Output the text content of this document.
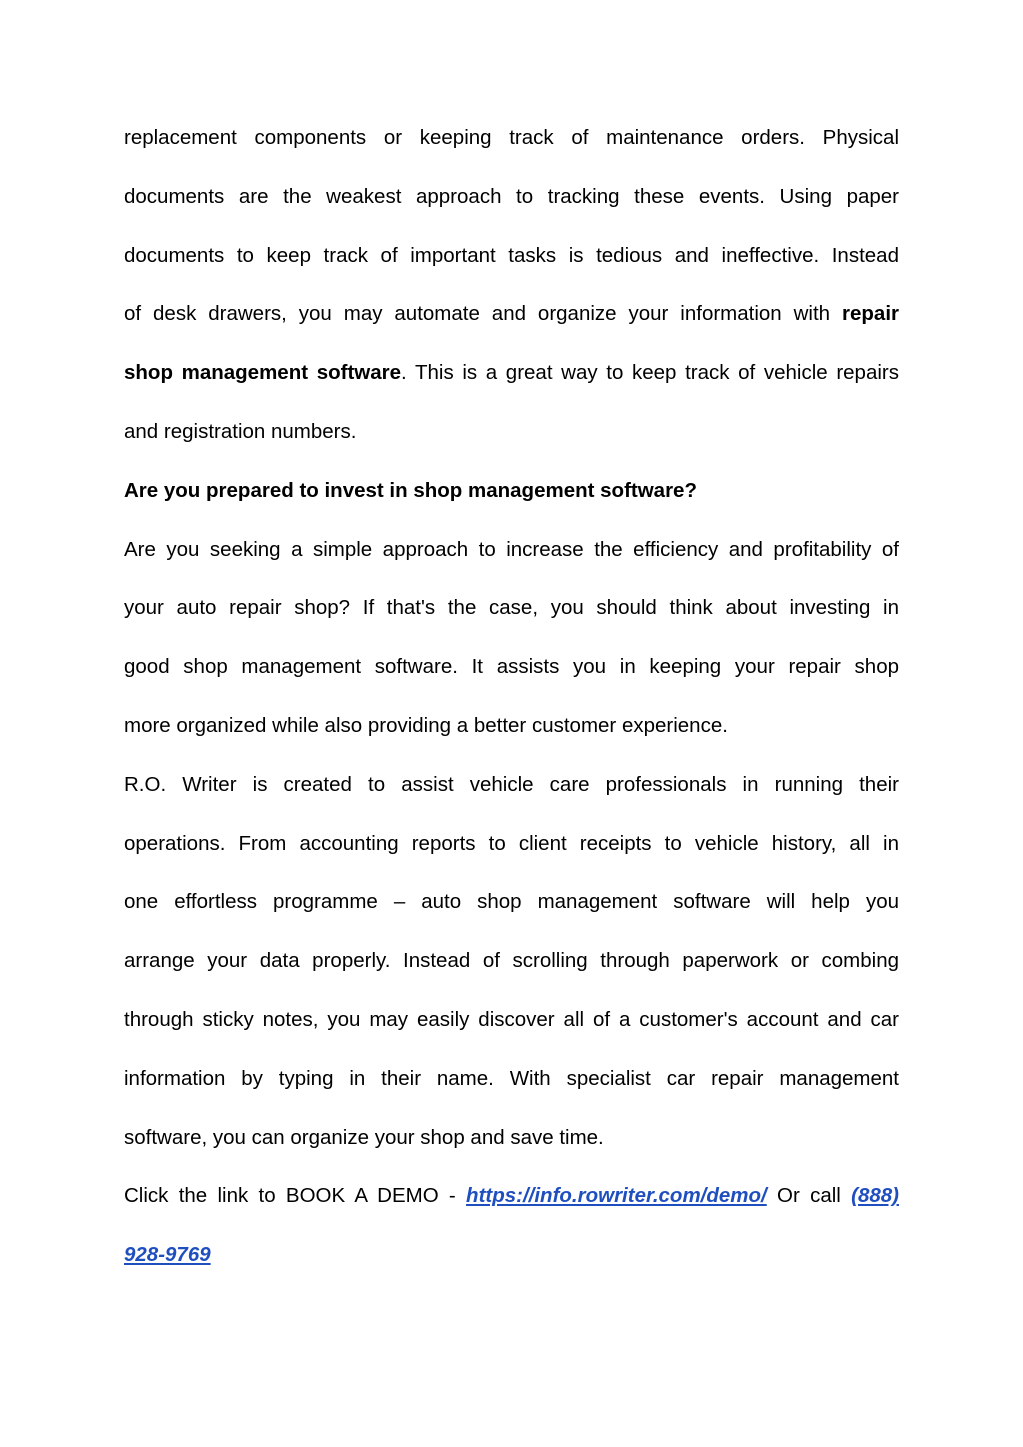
replacement components or keeping track of maintenance orders. Physical
documents are the weakest approach to tracking these events. Using paper
documents to keep track of important tasks is tedious and ineffective. Instead
of desk drawers, you may automate and organize your information with repair
shop management software. This is a great way to keep track of vehicle repairs
and registration numbers.

Are you prepared to invest in shop management software?

Are you seeking a simple approach to increase the efficiency and profitability of
your auto repair shop? If that's the case, you should think about investing in
good shop management software. It assists you in keeping your repair shop
more organized while also providing a better customer experience.
R.O. Writer is created to assist vehicle care professionals in running their
operations. From accounting reports to client receipts to vehicle history, all in
one effortless programme – auto shop management software will help you
arrange your data properly. Instead of scrolling through paperwork or combing
through sticky notes, you may easily discover all of a customer's account and car
information by typing in their name. With specialist car repair management
software, you can organize your shop and save time.
Click the link to BOOK A DEMO - https://info.rowriter.com/demo/ Or call (888)
928-9769
